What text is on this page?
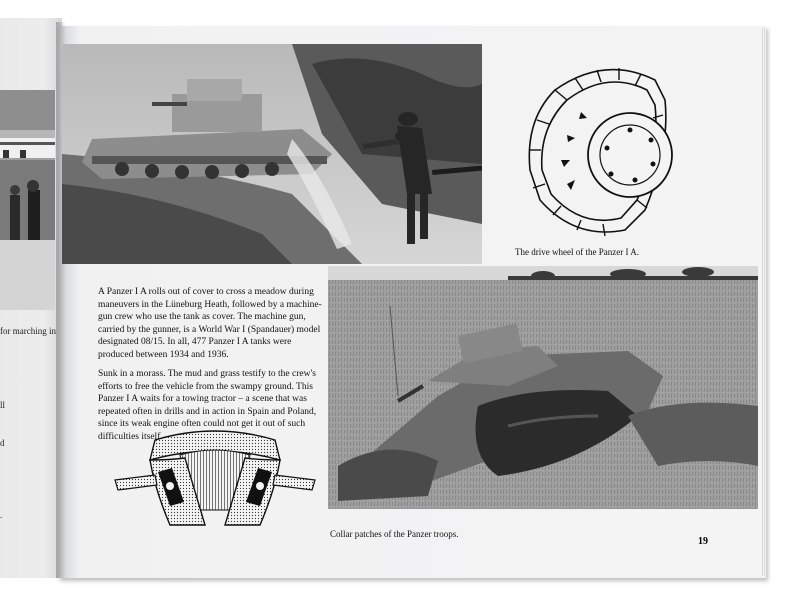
for marching in
ll
d
.
The drive wheel of the Panzer I A.

A Panzer I A rolls out of cover to cross a meadow during maneuvers in the Lüneburg Heath, followed by a machine-gun crew who use the tank as cover. The machine gun, carried by the gunner, is a World War I (Spandauer) model designated 08/15. In all, 477 Panzer I A tanks were produced between 1934 and 1936.

Sunk in a morass. The mud and grass testify to the crew's efforts to free the vehicle from the swampy ground. This Panzer I A waits for a towing tractor – a scene that was repeated often in drills and in action in Spain and Poland, since its weak engine often could not get it out of such difficulties itself.

Collar patches of the Panzer troops.
19
